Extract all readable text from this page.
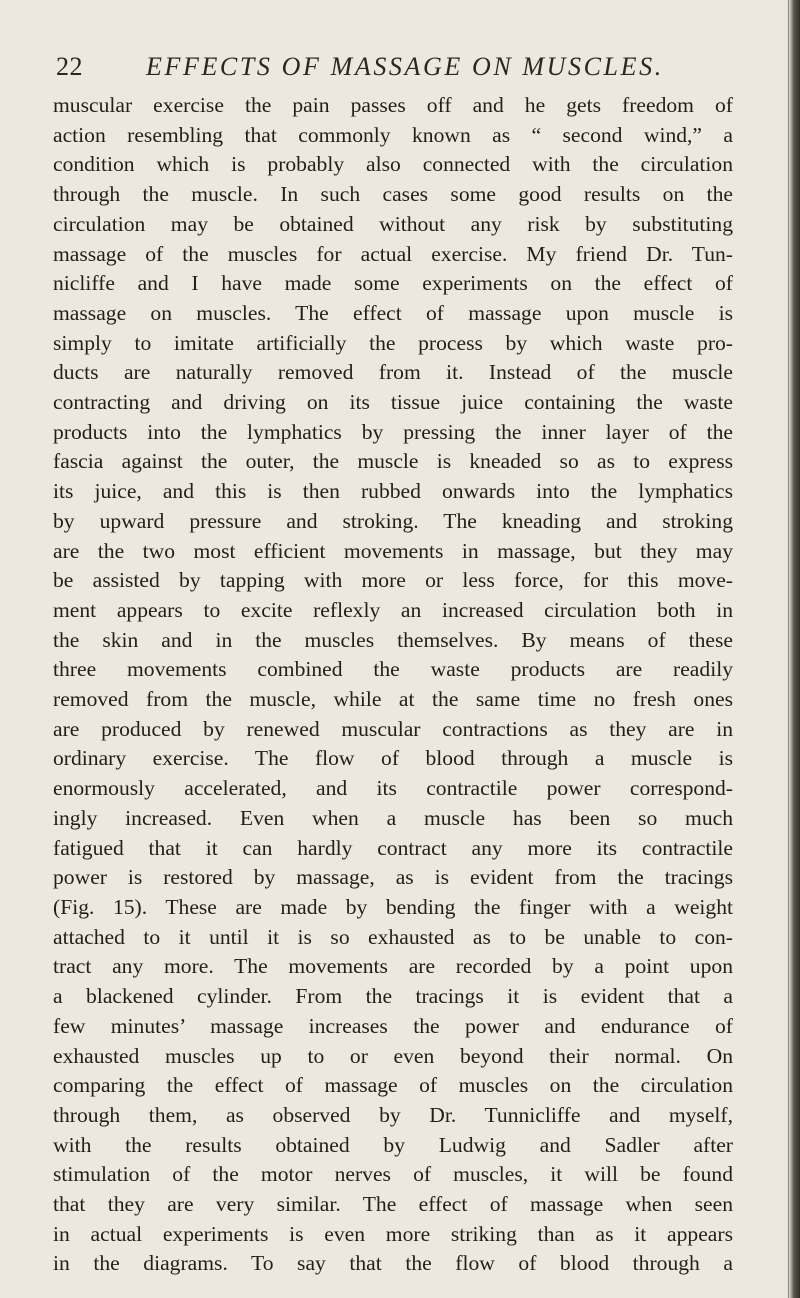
22 EFFECTS OF MASSAGE ON MUSCLES.
muscular exercise the pain passes off and he gets freedom of
action resembling that commonly known as “ second wind,” a
condition which is probably also connected with the circulation
through the muscle. In such cases some good results on the
circulation may be obtained without any risk by substituting
massage of the muscles for actual exercise. My friend Dr. Tun-
nicliffe and I have made some experiments on the effect of
massage on muscles. The effect of massage upon muscle is
simply to imitate artificially the process by which waste pro-
ducts are naturally removed from it. Instead of the muscle
contracting and driving on its tissue juice containing the waste
products into the lymphatics by pressing the inner layer of the
fascia against the outer, the muscle is kneaded so as to express
its juice, and this is then rubbed onwards into the lymphatics
by upward pressure and stroking. The kneading and stroking
are the two most efficient movements in massage, but they may
be assisted by tapping with more or less force, for this move-
ment appears to excite reflexly an increased circulation both in
the skin and in the muscles themselves. By means of these
three movements combined the waste products are readily
removed from the muscle, while at the same time no fresh ones
are produced by renewed muscular contractions as they are in
ordinary exercise. The flow of blood through a muscle is
enormously accelerated, and its contractile power correspond-
ingly increased. Even when a muscle has been so much
fatigued that it can hardly contract any more its contractile
power is restored by massage, as is evident from the tracings
(Fig. 15). These are made by bending the finger with a weight
attached to it until it is so exhausted as to be unable to con-
tract any more. The movements are recorded by a point upon
a blackened cylinder. From the tracings it is evident that a
few minutes’ massage increases the power and endurance of
exhausted muscles up to or even beyond their normal. On
comparing the effect of massage of muscles on the circulation
through them, as observed by Dr. Tunnicliffe and myself,
with the results obtained by Ludwig and Sadler after
stimulation of the motor nerves of muscles, it will be found
that they are very similar. The effect of massage when seen
in actual experiments is even more striking than as it appears
in the diagrams. To say that the flow of blood through a
